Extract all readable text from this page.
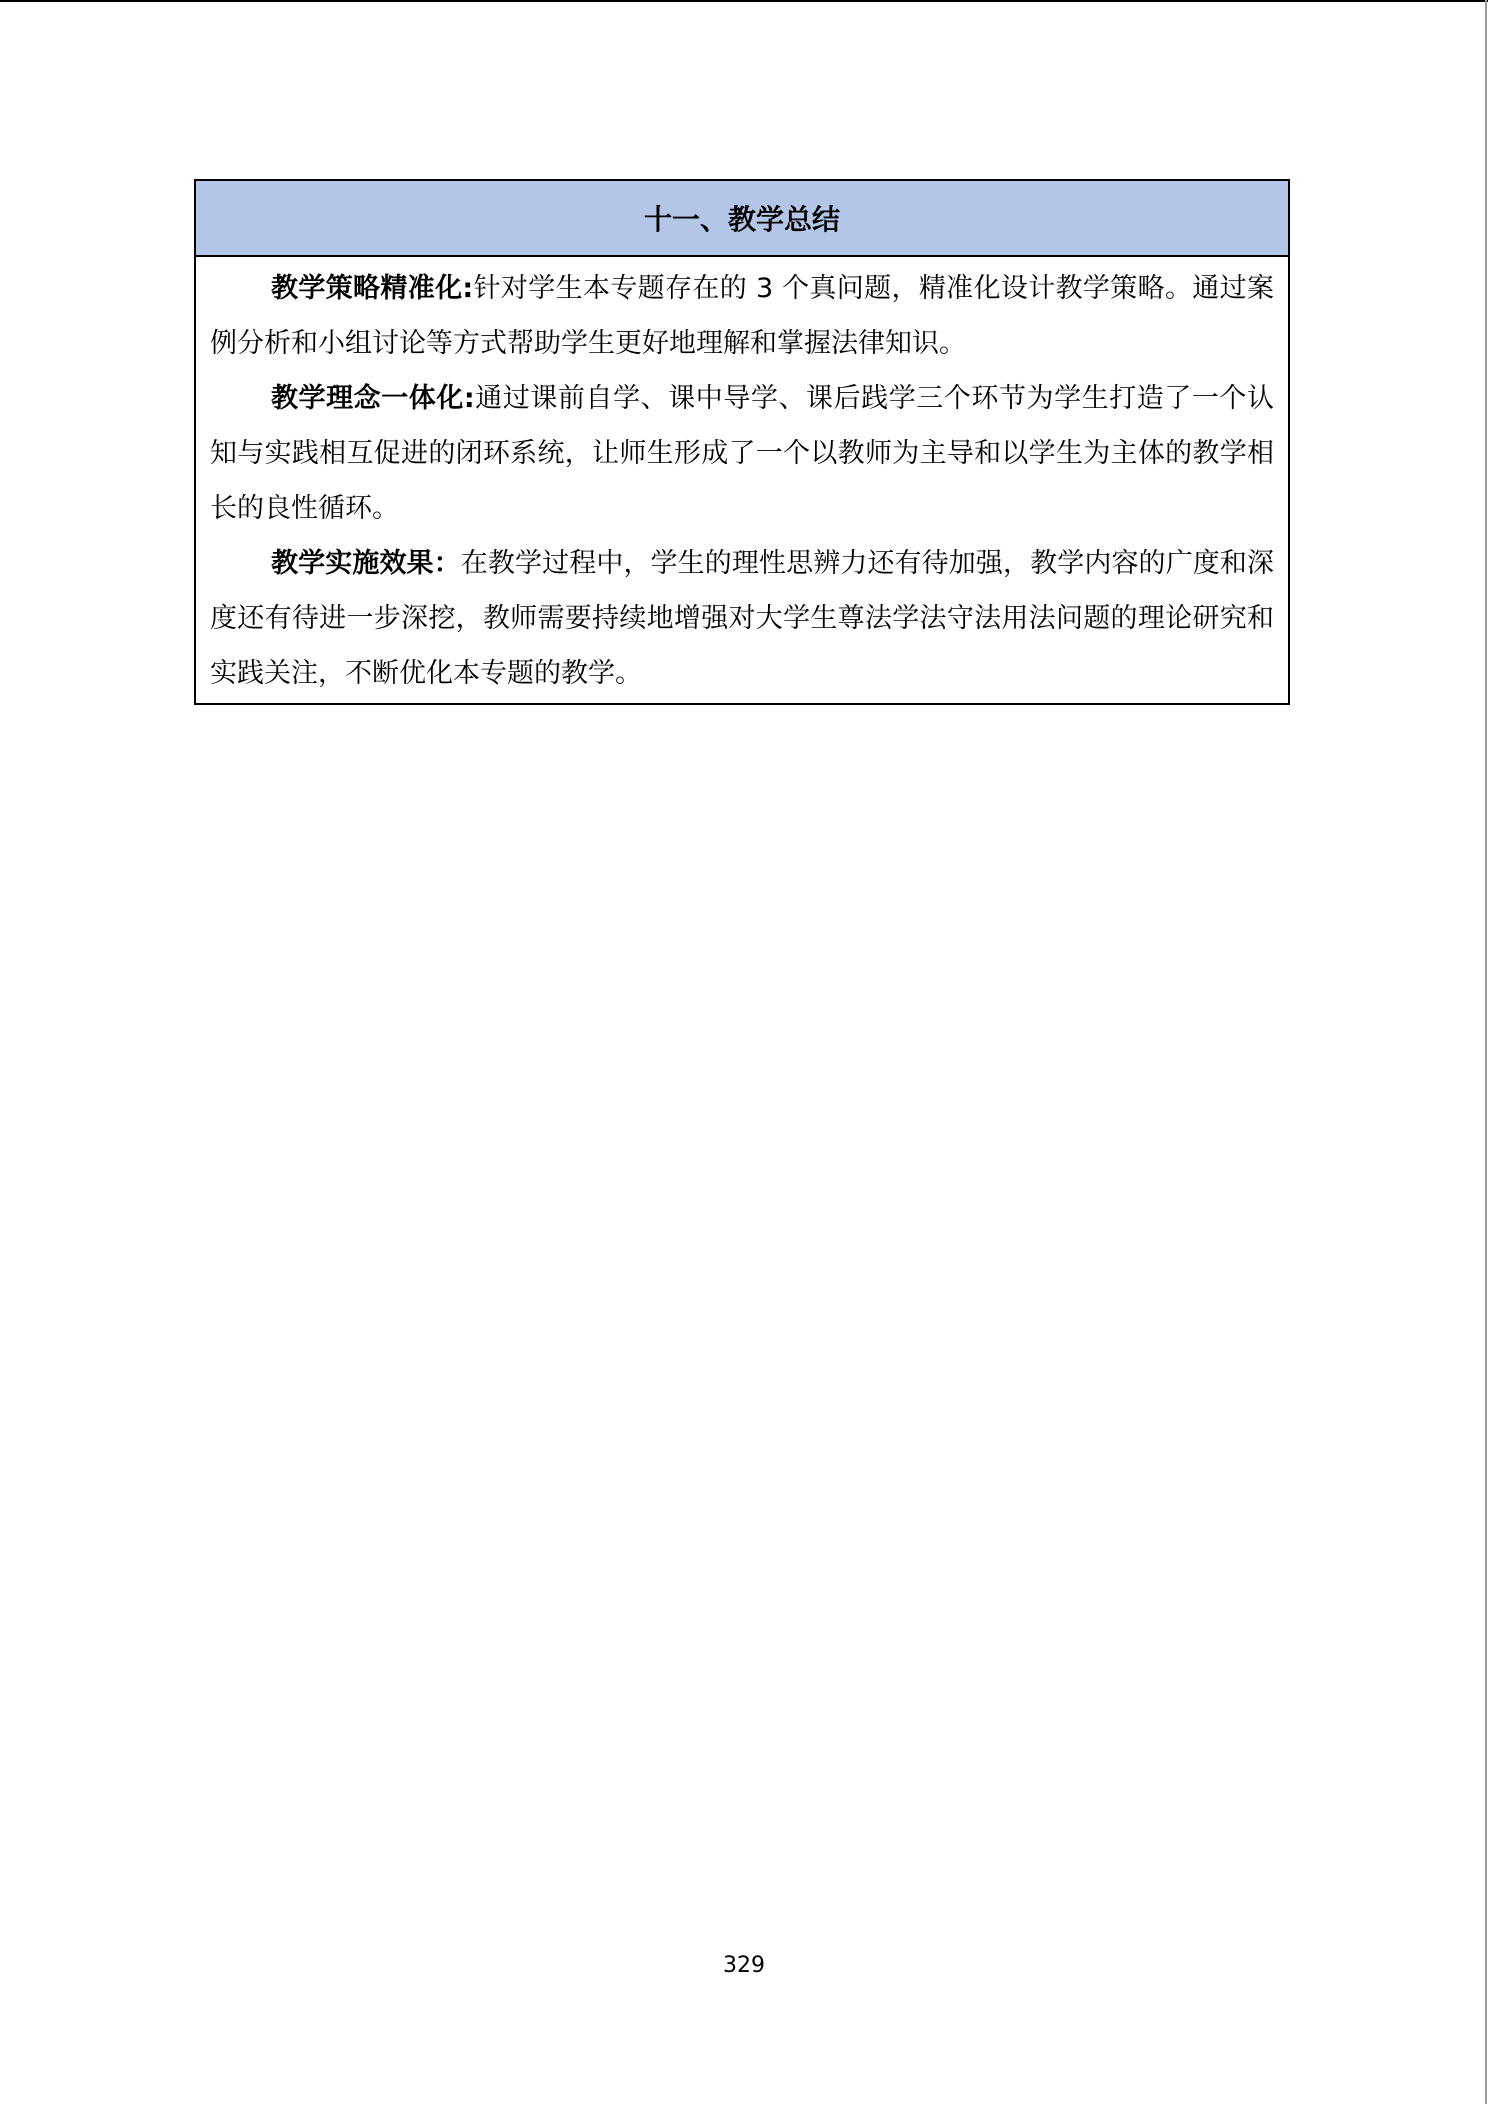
十一、教学总结

教学策略精准化:针对学生本专题存在的 3 个真问题，精准化设计教学策略。通过案例分析和小组讨论等方式帮助学生更好地理解和掌握法律知识。

教学理念一体化:通过课前自学、课中导学、课后践学三个环节为学生打造了一个认知与实践相互促进的闭环系统，让师生形成了一个以教师为主导和以学生为主体的教学相长的良性循环。

教学实施效果：在教学过程中，学生的理性思辨力还有待加强，教学内容的广度和深度还有待进一步深挖，教师需要持续地增强对大学生尊法学法守法用法问题的理论研究和实践关注，不断优化本专题的教学。

329
